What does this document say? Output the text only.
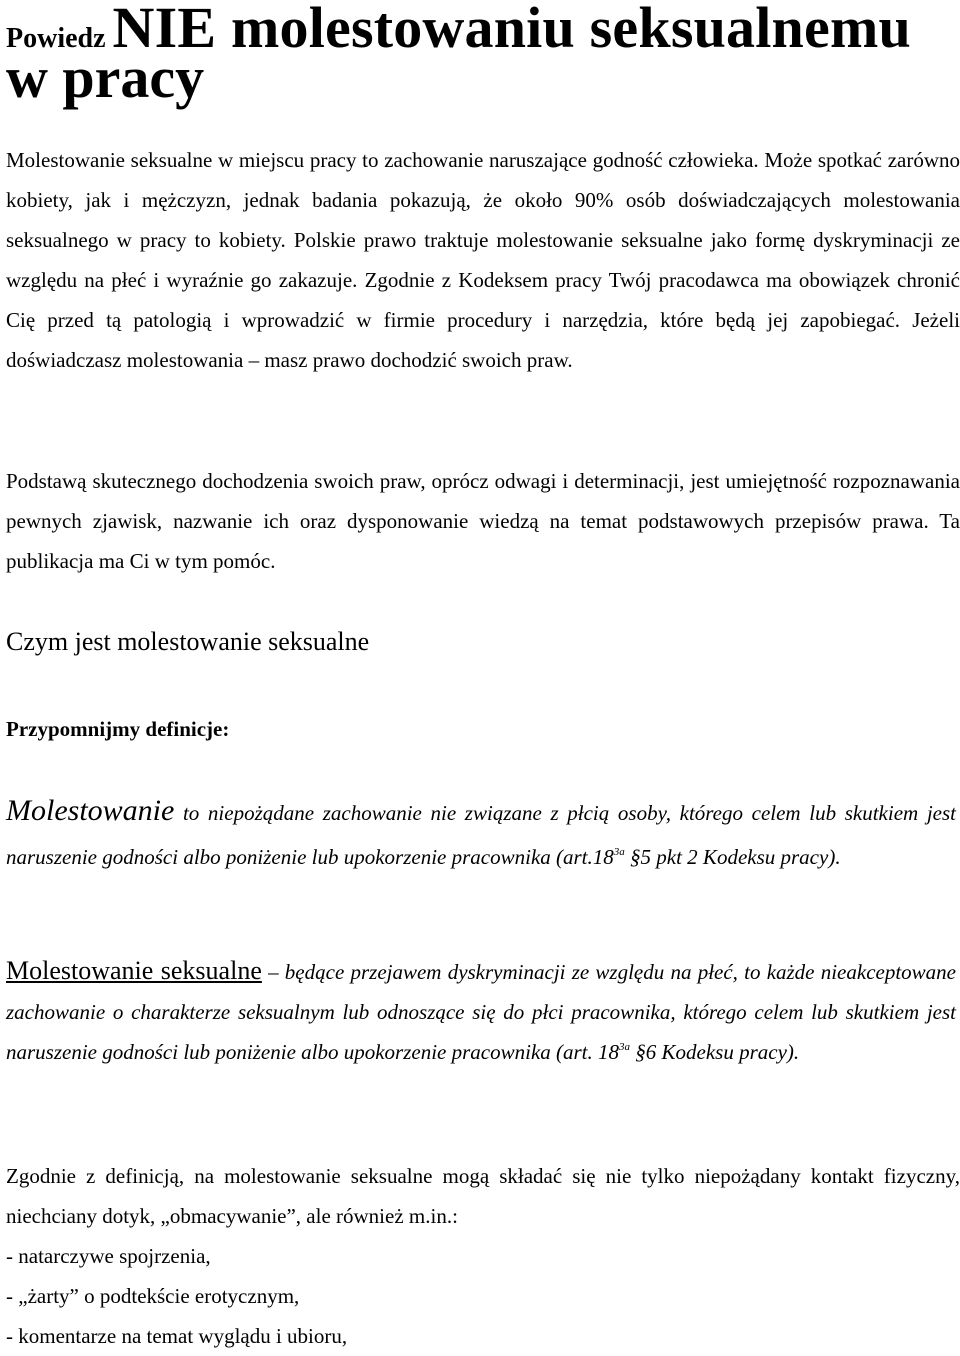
Powiedz NIE molestowaniu seksualnemu
w pracy

Molestowanie seksualne w miejscu pracy to zachowanie naruszające godność człowieka. Może spotkać zarówno kobiety, jak i mężczyzn, jednak badania pokazują, że około 90% osób doświadczających molestowania seksualnego w pracy to kobiety. Polskie prawo traktuje molestowanie seksualne jako formę dyskryminacji ze względu na płeć i wyraźnie go zakazuje. Zgodnie z Kodeksem pracy Twój pracodawca ma obowiązek chronić Cię przed tą patologią i wprowadzić w firmie procedury i narzędzia, które będą jej zapobiegać. Jeżeli doświadczasz molestowania – masz prawo dochodzić swoich praw.

Podstawą skutecznego dochodzenia swoich praw, oprócz odwagi i determinacji, jest umiejętność rozpoznawania pewnych zjawisk, nazwanie ich oraz dysponowanie wiedzą na temat podstawowych przepisów prawa. Ta publikacja ma Ci w tym pomóc.

Czym jest molestowanie seksualne
Przypomnijmy definicje:

Molestowanie to niepożądane zachowanie nie związane z płcią osoby, którego celem lub skutkiem jest naruszenie godności albo poniżenie lub upokorzenie pracownika ($art.18^{3a}$ §5 pkt 2 Kodeksu pracy).

Molestowanie seksualne – będące przejawem dyskryminacji ze względu na płeć, to każde nieakceptowane zachowanie o charakterze seksualnym lub odnoszące się do płci pracownika, którego celem lub skutkiem jest naruszenie godności lub poniżenie albo upokorzenie pracownika (art. $18^{3a}$ §6 Kodeksu pracy).

Zgodnie z definicją, na molestowanie seksualne mogą składać się nie tylko niepożądany kontakt fizyczny, niechciany dotyk, „obmacywanie”, ale również m.in.:

- natarczywe spojrzenia,
- „żarty” o podtekście erotycznym,
- komentarze na temat wyglądu i ubioru,
